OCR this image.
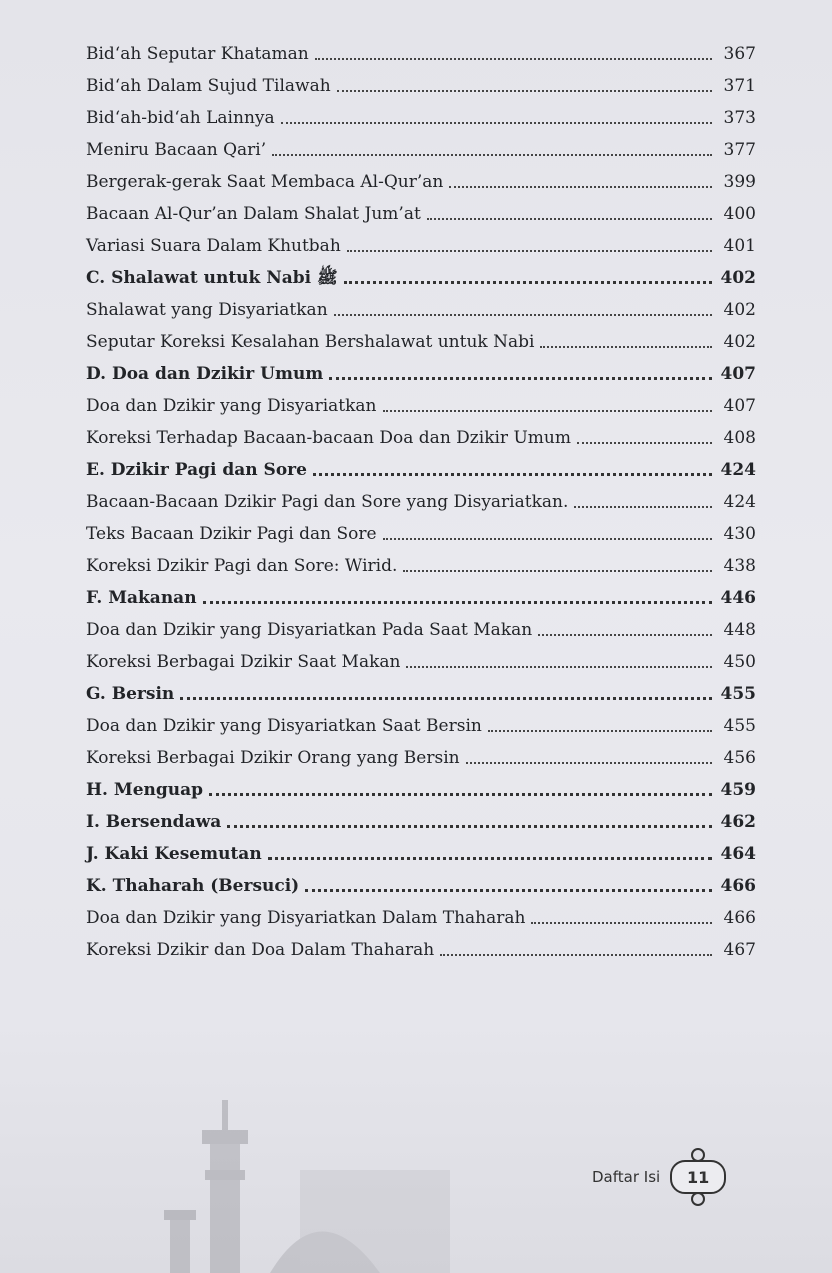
Bid‘ah Seputar Khataman	367
Bid‘ah Dalam Sujud Tilawah	371
Bid‘ah-bid‘ah Lainnya	373
Meniru Bacaan Qari’	377
Bergerak-gerak Saat Membaca Al-Qur’an	399
Bacaan Al-Qur’an Dalam Shalat Jum’at	400
Variasi Suara Dalam Khutbah	401
C. Shalawat untuk Nabi ﷺ	402
Shalawat yang Disyariatkan	402
Seputar Koreksi Kesalahan Bershalawat untuk Nabi	402
D. Doa dan Dzikir Umum	407
Doa dan Dzikir yang Disyariatkan	407
Koreksi Terhadap Bacaan-bacaan Doa dan Dzikir Umum	408
E. Dzikir Pagi dan Sore	424
Bacaan-Bacaan Dzikir Pagi dan Sore yang Disyariatkan.	424
Teks Bacaan Dzikir Pagi dan Sore	430
Koreksi Dzikir Pagi dan Sore: Wirid.	438
F. Makanan	446
Doa dan Dzikir yang Disyariatkan Pada Saat Makan	448
Koreksi Berbagai Dzikir Saat Makan	450
G. Bersin	455
Doa dan Dzikir yang Disyariatkan Saat Bersin	455
Koreksi Berbagai Dzikir Orang yang Bersin	456
H. Menguap	459
I. Bersendawa	462
J. Kaki Kesemutan	464
K. Thaharah (Bersuci)	466
Doa dan Dzikir yang Disyariatkan Dalam Thaharah	466
Koreksi Dzikir dan Doa Dalam Thaharah	467
Daftar Isi	11
